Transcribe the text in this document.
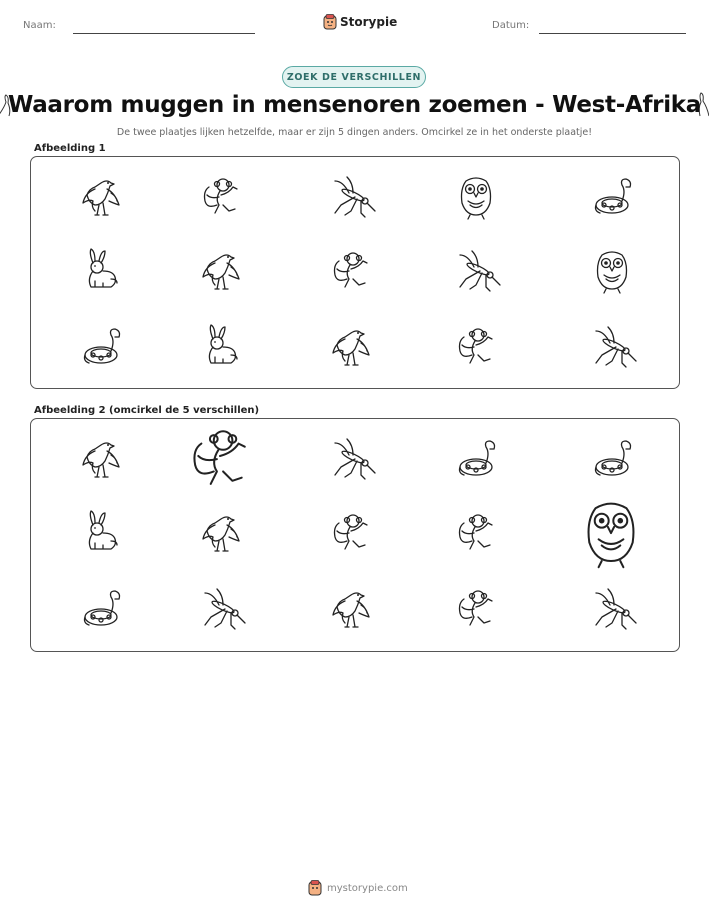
Naam:	Storypie	Datum:
ZOEK DE VERSCHILLEN
Waarom muggen in mensenoren zoemen - West-Afrika
De twee plaatjes lijken hetzelfde, maar er zijn 5 dingen anders. Omcirkel ze in het onderste plaatje!
Afbeelding 1
Afbeelding 2 (omcirkel de 5 verschillen)
mystorypie.com
